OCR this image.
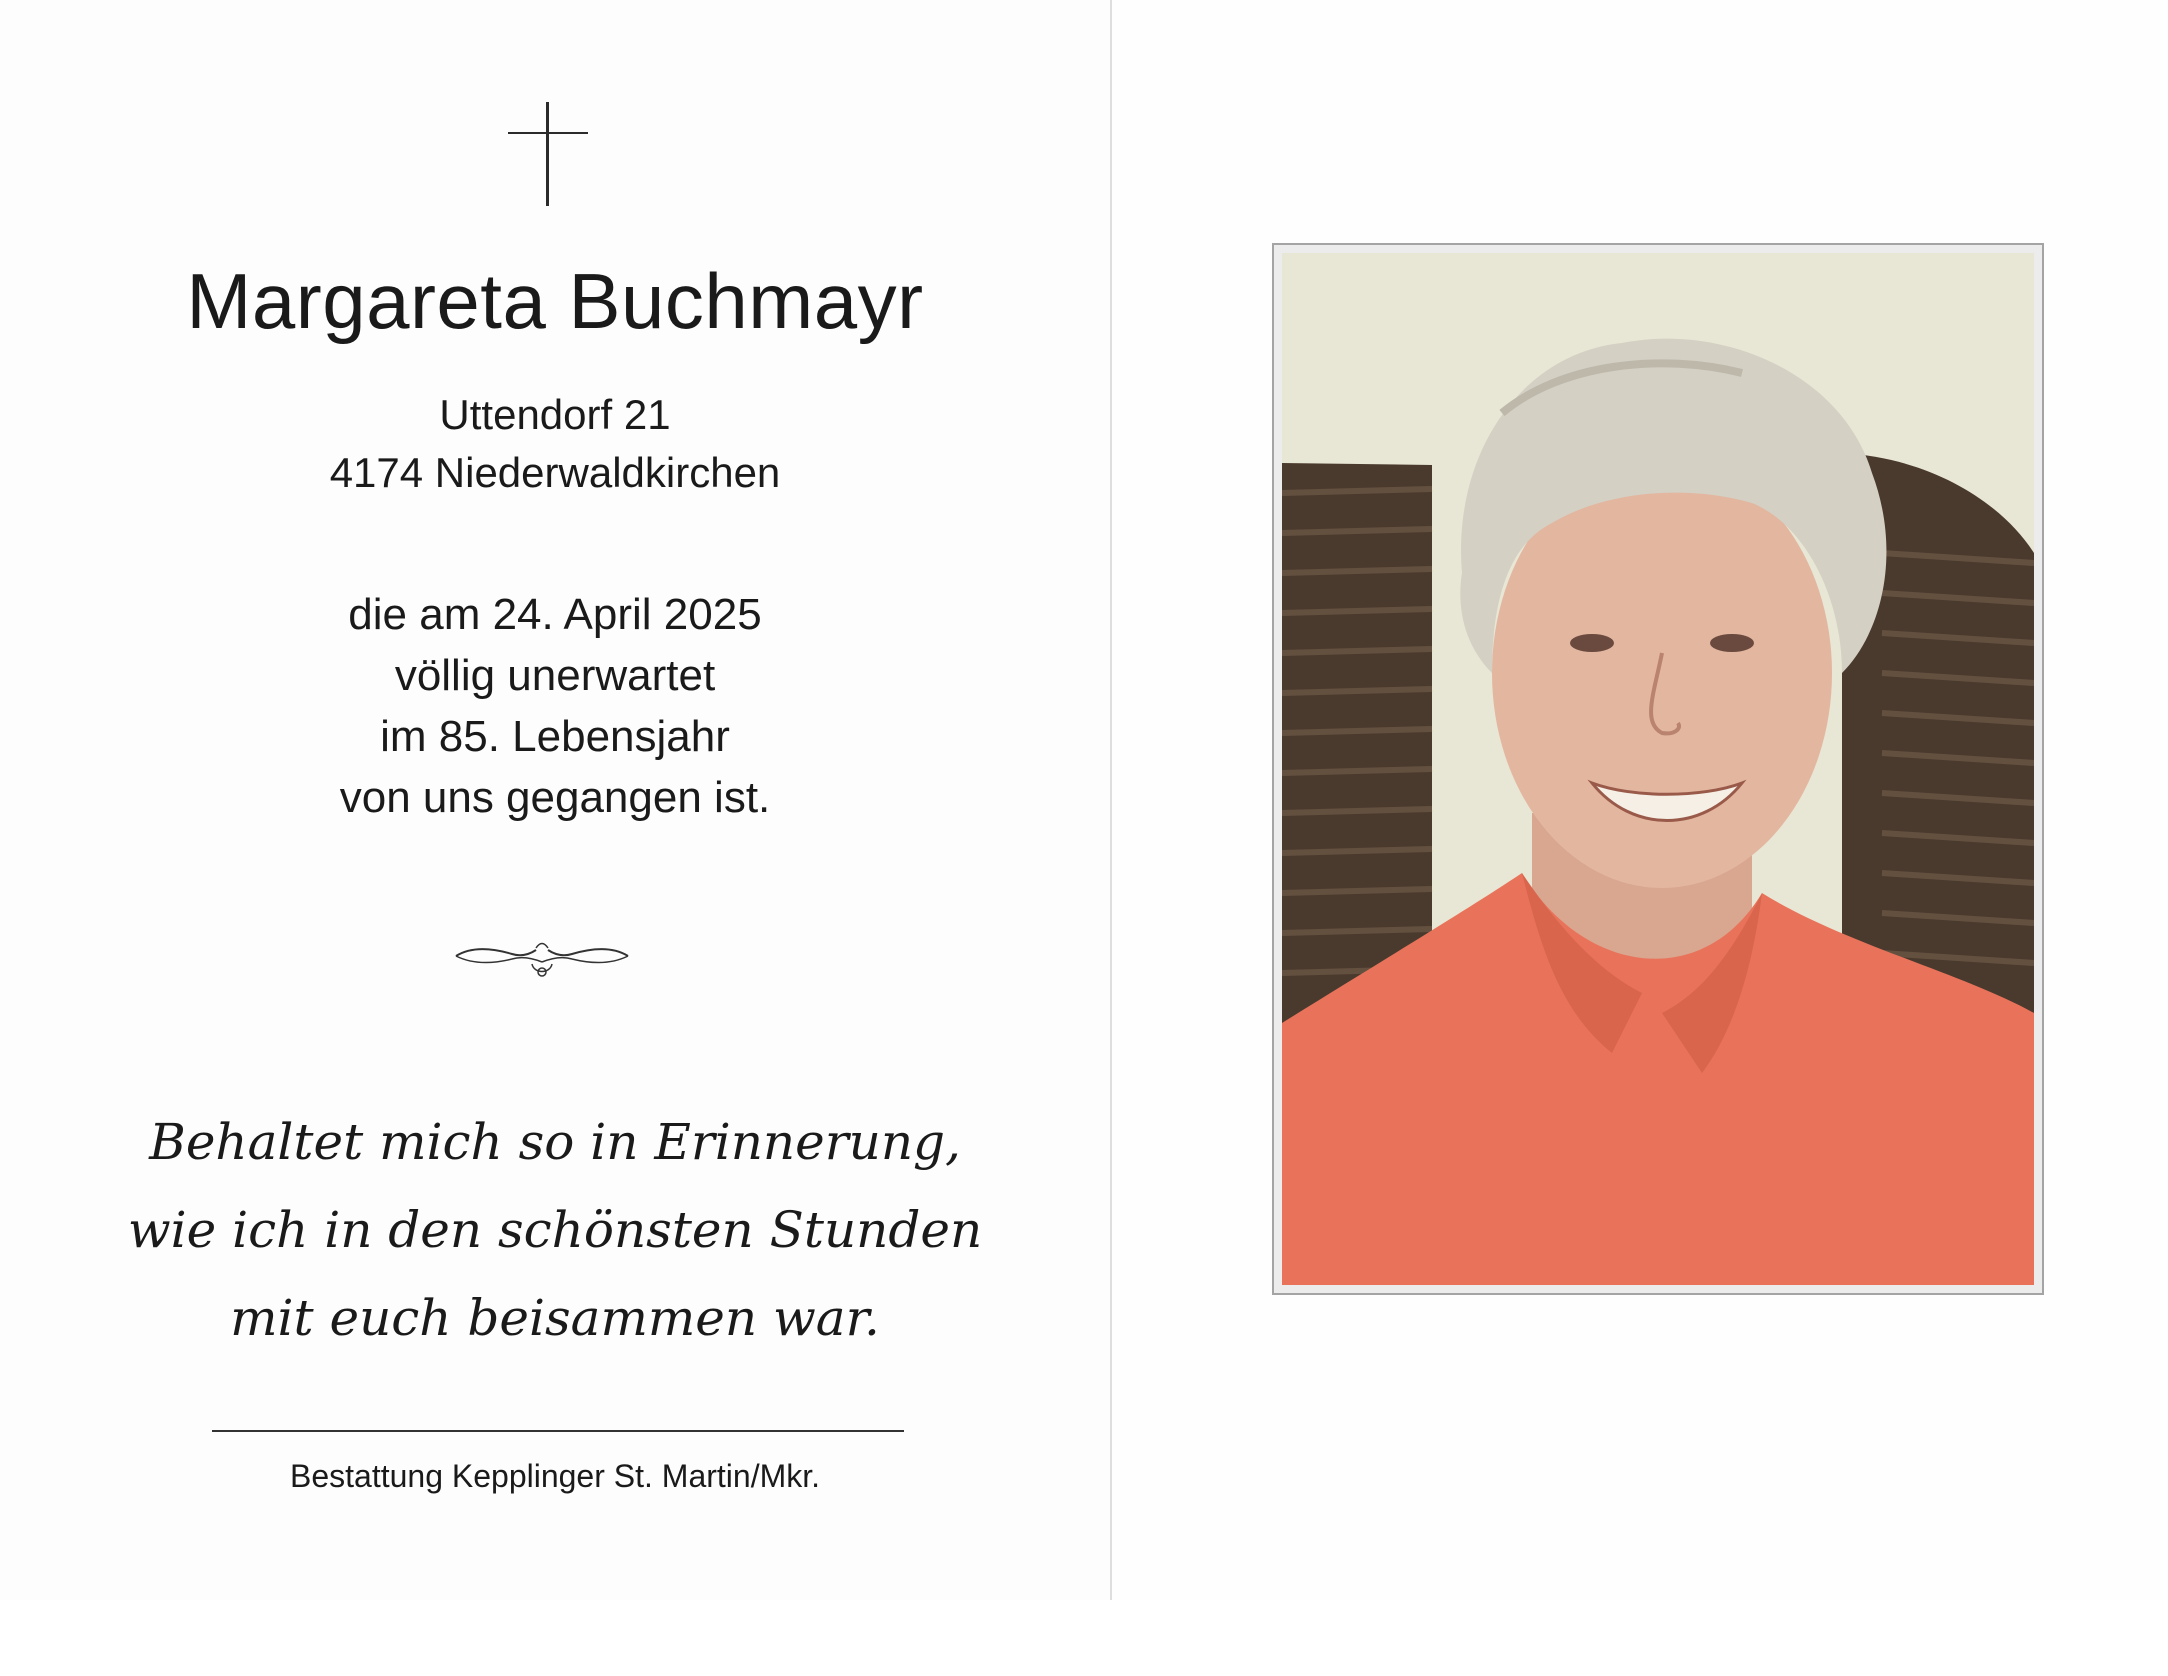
Margareta Buchmayr
Uttendorf 21
4174 Niederwaldkirchen
die am 24. April 2025
völlig unerwartet
im 85. Lebensjahr
von uns gegangen ist.
Behaltet mich so in Erinnerung,
wie ich in den schönsten Stunden
mit euch beisammen war.
Bestattung Kepplinger St. Martin/Mkr.
